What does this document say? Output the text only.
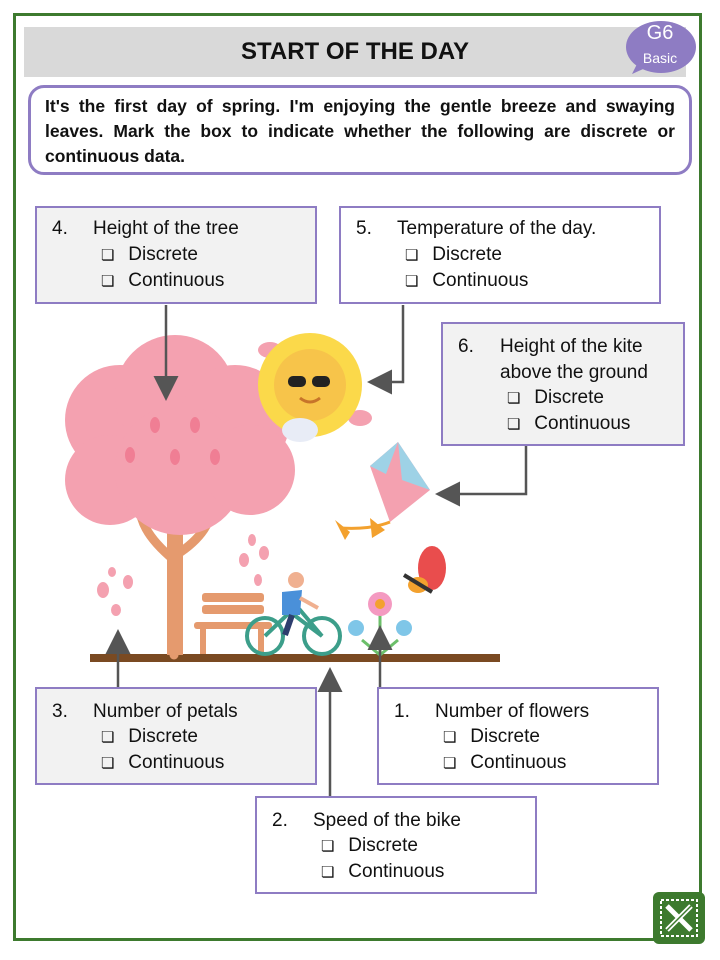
START OF THE DAY
G6
Basic
It's the first day of spring. I'm enjoying the gentle breeze and swaying leaves. Mark the box to indicate whether the following are discrete or continuous data.
4. Height of the tree
❏ Discrete
❏ Continuous
5. Temperature of the day.
❏ Discrete
❏ Continuous
6. Height of the kite
above the ground
❏ Discrete
❏ Continuous
3. Number of petals
❏ Discrete
❏ Continuous
1. Number of flowers
❏ Discrete
❏ Continuous
2. Speed of the bike
❏ Discrete
❏ Continuous
